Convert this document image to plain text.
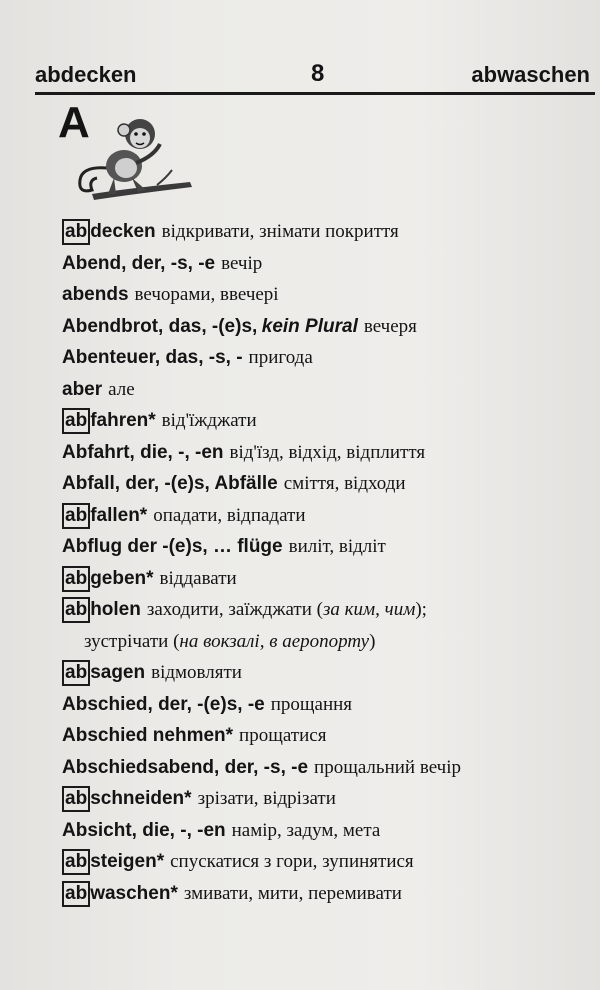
abdecken	8	abwaschen
A
ab decken відкривати, знімати покриття
Abend, der, -s, -e вечір
abends вечорами, ввечері
Abendbrot, das, -(e)s, kein Plural вечеря
Abenteuer, das, -s, - пригода
aber але
ab fahren* від'їжджати
Abfahrt, die, -, -en від'їзд, відхід, відплиття
Abfall, der, -(e)s, Abfälle сміття, відходи
ab fallen* опадати, відпадати
Abflug der -(e)s, … flüge виліт, відліт
ab geben* віддавати
ab holen заходити, заїжджати (за ким, чим);
зустрічати (на вокзалі, в аеропорту)
ab sagen відмовляти
Abschied, der, -(e)s, -e прощання
Abschied nehmen* прощатися
Abschiedsabend, der, -s, -e прощальний вечір
ab schneiden* зрізати, відрізати
Absicht, die, -, -en намір, задум, мета
ab steigen* спускатися з гори, зупинятися
ab waschen* змивати, мити, перемивати
